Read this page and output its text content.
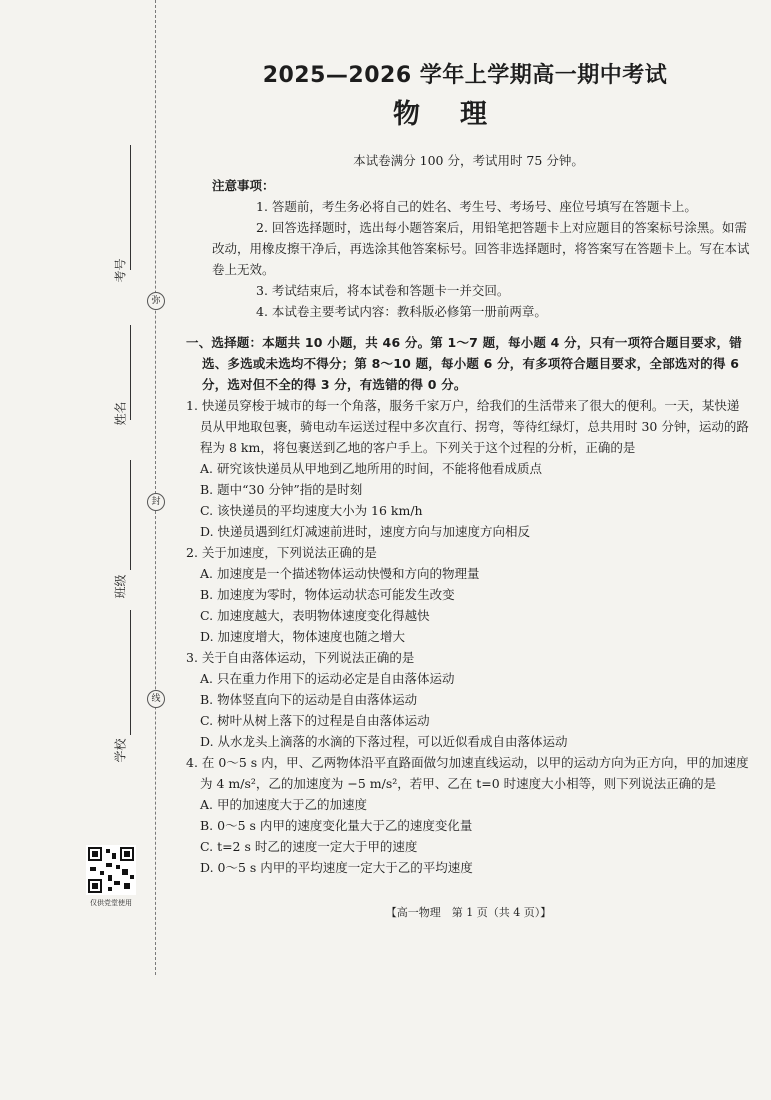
考号
姓名
班级
学校
弥
封
线
仅供党堂使用
2025—2026 学年上学期高一期中考试
物理

本试卷满分 100 分，考试用时 75 分钟。

注意事项：

1. 答题前，考生务必将自己的姓名、考生号、考场号、座位号填写在答题卡上。

2. 回答选择题时，选出每小题答案后，用铅笔把答题卡上对应题目的答案标号涂黑。如需改动，用橡皮擦干净后，再选涂其他答案标号。回答非选择题时，将答案写在答题卡上。写在本试卷上无效。

3. 考试结束后，将本试卷和答题卡一并交回。

4. 本试卷主要考试内容：教科版必修第一册前两章。

一、选择题：本题共 10 小题，共 46 分。第 1～7 题，每小题 4 分，只有一项符合题目要求，错选、多选或未选均不得分；第 8～10 题，每小题 6 分，有多项符合题目要求，全部选对的得 6 分，选对但不全的得 3 分，有选错的得 0 分。

1. 快递员穿梭于城市的每一个角落，服务千家万户，给我们的生活带来了很大的便利。一天，某快递员从甲地取包裹，骑电动车运送过程中多次直行、拐弯，等待红绿灯，总共用时 30 分钟，运动的路程为 8 km，将包裹送到乙地的客户手上。下列关于这个过程的分析，正确的是

A. 研究该快递员从甲地到乙地所用的时间，不能将他看成质点

B. 题中“30 分钟”指的是时刻

C. 该快递员的平均速度大小为 16 km/h

D. 快递员遇到红灯减速前进时，速度方向与加速度方向相反

2. 关于加速度，下列说法正确的是

A. 加速度是一个描述物体运动快慢和方向的物理量

B. 加速度为零时，物体运动状态可能发生改变

C. 加速度越大，表明物体速度变化得越快

D. 加速度增大，物体速度也随之增大

3. 关于自由落体运动，下列说法正确的是

A. 只在重力作用下的运动必定是自由落体运动

B. 物体竖直向下的运动是自由落体运动

C. 树叶从树上落下的过程是自由落体运动

D. 从水龙头上滴落的水滴的下落过程，可以近似看成自由落体运动

4. 在 0～5 s 内，甲、乙两物体沿平直路面做匀加速直线运动，以甲的运动方向为正方向，甲的加速度为 4 m/s²，乙的加速度为 −5 m/s²，若甲、乙在 t=0 时速度大小相等，则下列说法正确的是

A. 甲的加速度大于乙的加速度

B. 0～5 s 内甲的速度变化量大于乙的速度变化量

C. t=2 s 时乙的速度一定大于甲的速度

D. 0～5 s 内甲的平均速度一定大于乙的平均速度

【高一物理　第 1 页（共 4 页）】
